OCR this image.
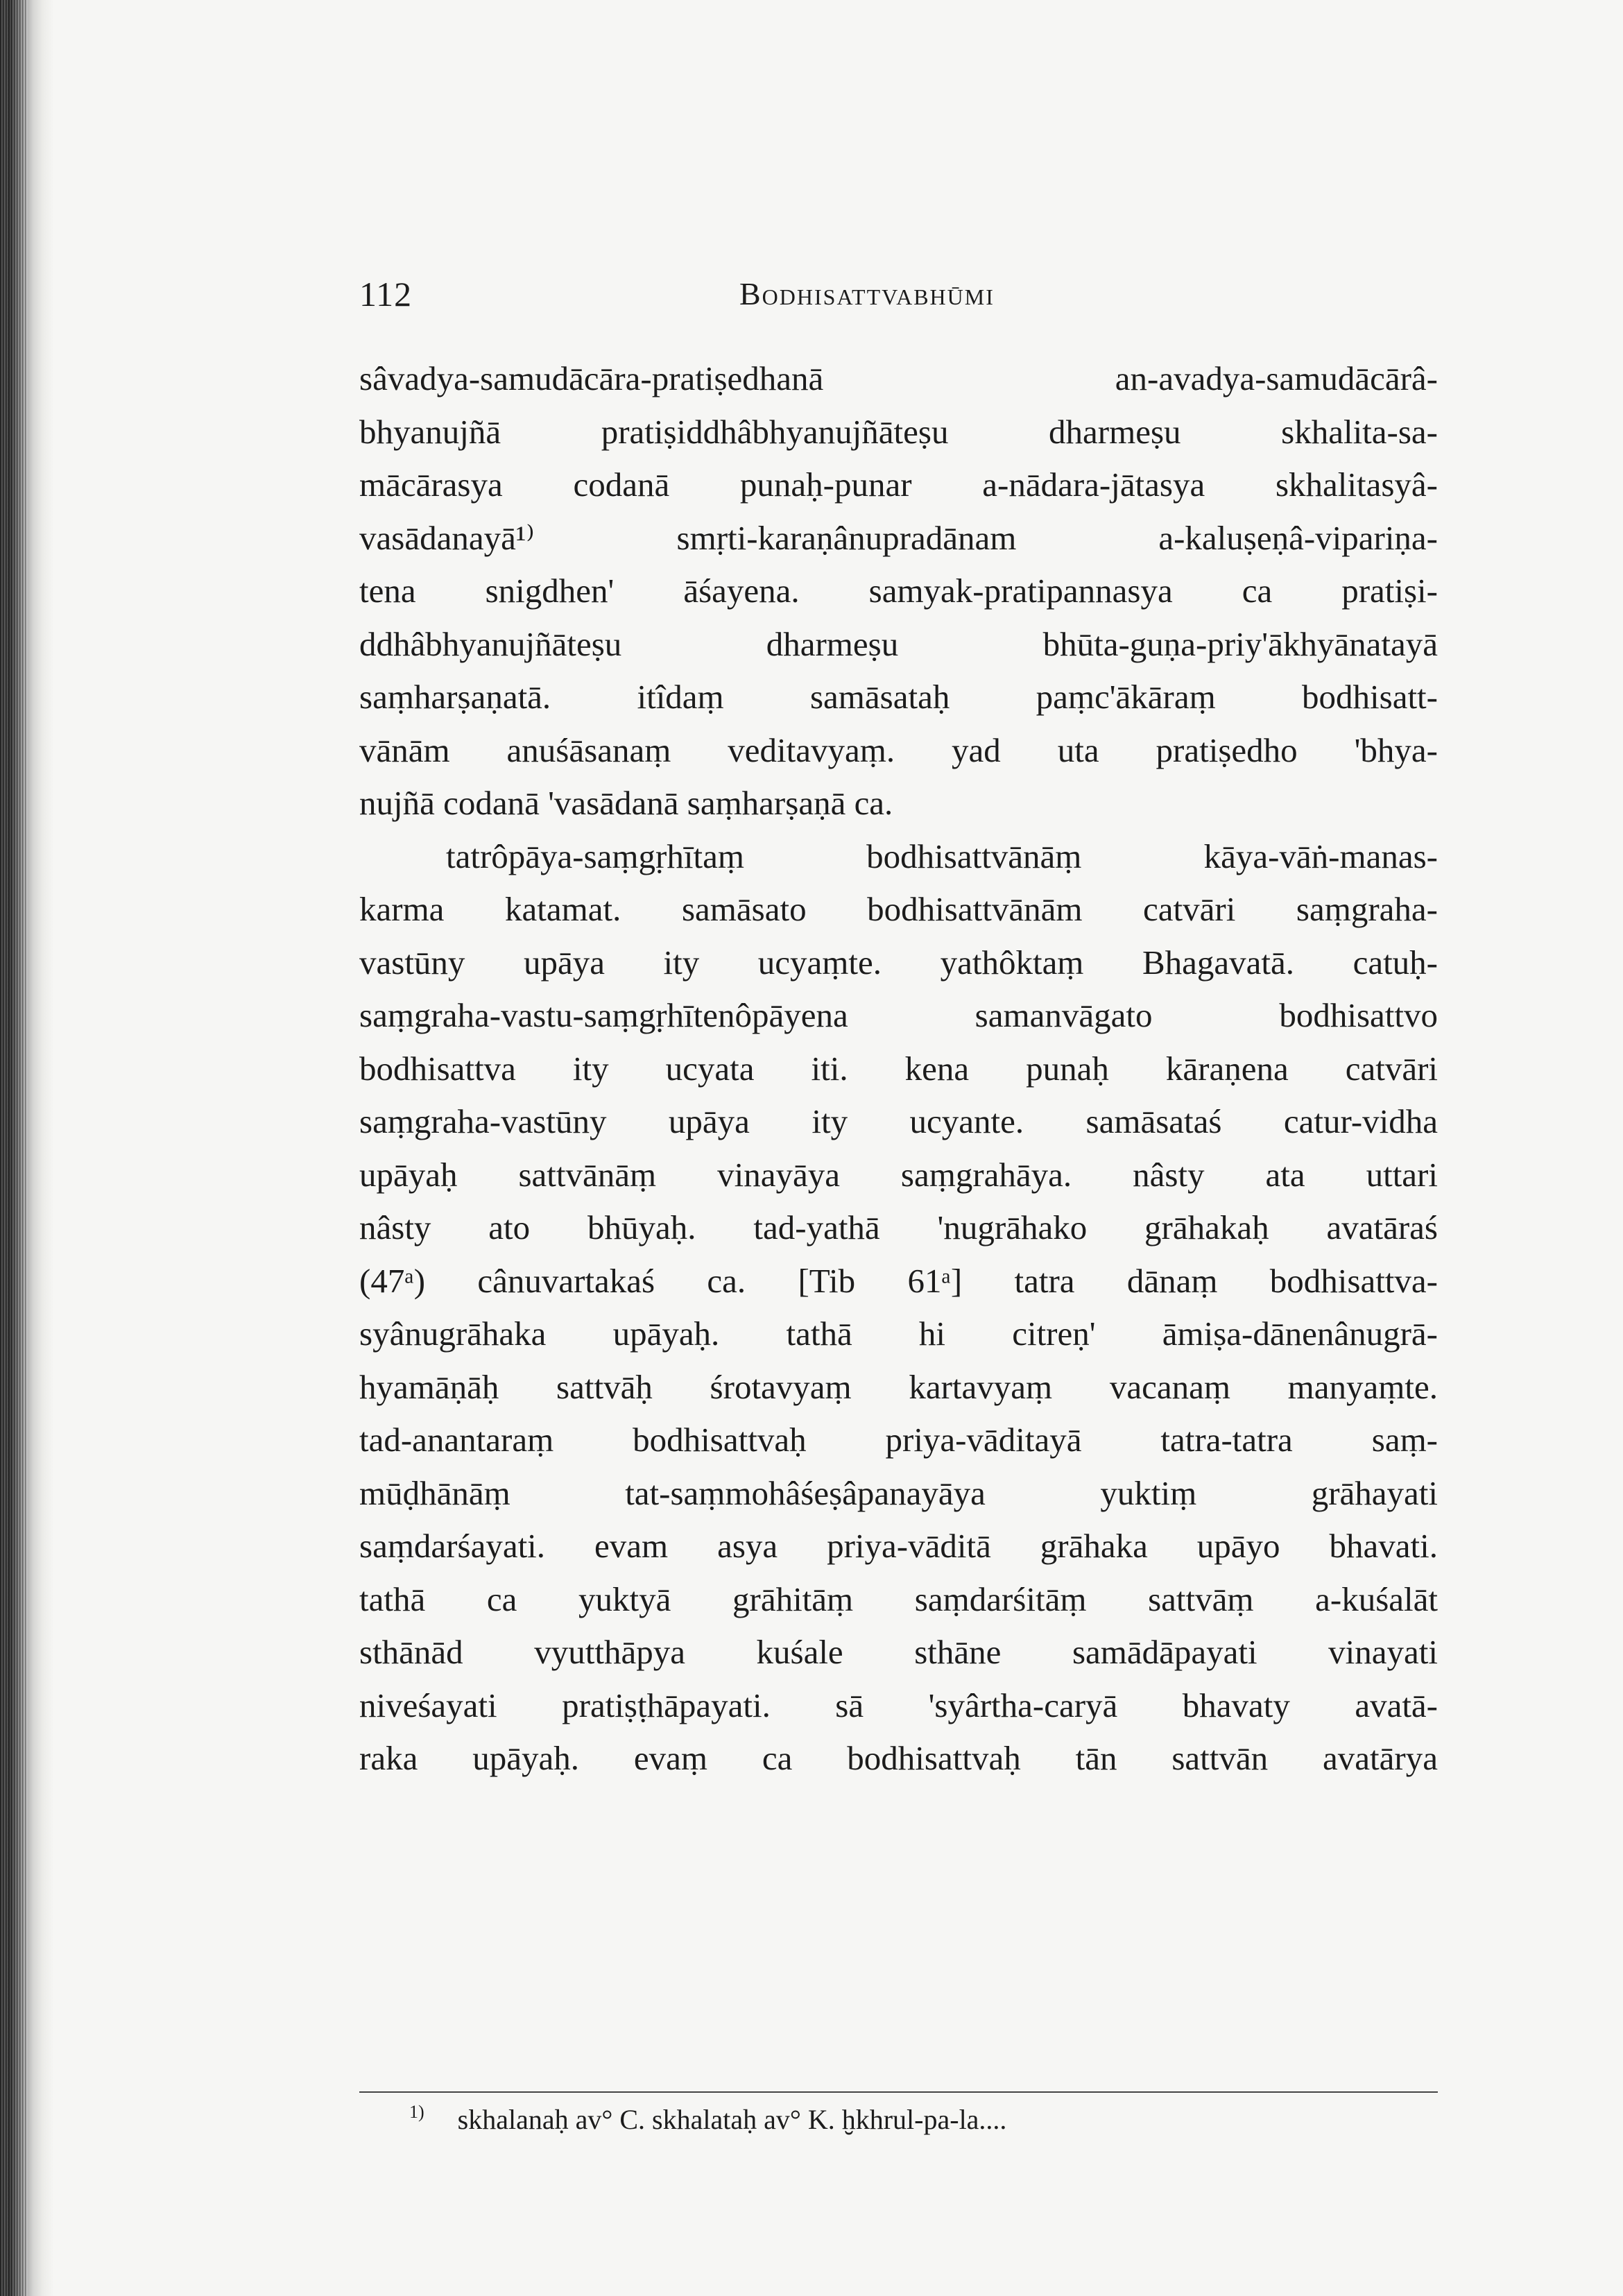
112	Bodhisattvabhūmi
sâvadya-samudācāra-pratiṣedhanā an-avadya-samudācārâ-
bhyanujñā pratiṣiddhâbhyanujñāteṣu dharmeṣu skhalita-sa-
mācārasya codanā punaḥ-punar a-nādara-jātasya skhalitasyâ-
vasādanayā¹⁾ smṛti-karaṇânupradānam a-kaluṣeṇâ-vipariṇa-
tena snigdhen' āśayena. samyak-pratipannasya ca pratiṣi-
ddhâbhyanujñāteṣu dharmeṣu bhūta-guṇa-priy'ākhyānatayā
saṃharṣaṇatā. itîdaṃ samāsataḥ paṃc'ākāraṃ bodhisatt-
vānām anuśāsanaṃ veditavyaṃ. yad uta pratiṣedho 'bhya-
nujñā codanā 'vasādanā saṃharṣaṇā ca.
tatrôpāya-saṃgṛhītaṃ bodhisattvānāṃ kāya-vāṅ-manas-
karma katamat. samāsato bodhisattvānām catvāri saṃgraha-
vastūny upāya ity ucyaṃte. yathôktaṃ Bhagavatā. catuḥ-
saṃgraha-vastu-saṃgṛhītenôpāyena samanvāgato bodhisattvo
bodhisattva ity ucyata iti. kena punaḥ kāraṇena catvāri
saṃgraha-vastūny upāya ity ucyante. samāsataś catur-vidha
upāyaḥ sattvānāṃ vinayāya saṃgrahāya. nâsty ata uttari
nâsty ato bhūyaḥ. tad-yathā 'nugrāhako grāhakaḥ avatāraś
(47ᵃ) cânuvartakaś ca. [Tib 61ᵃ] tatra dānaṃ bodhisattva-
syânugrāhaka upāyaḥ. tathā hi citreṇ' āmiṣa-dānenânugrā-
hyamāṇāḥ sattvāḥ śrotavyaṃ kartavyaṃ vacanaṃ manyaṃte.
tad-anantaraṃ bodhisattvaḥ priya-vāditayā tatra-tatra saṃ-
mūḍhānāṃ tat-saṃmohâśeṣâpanayāya yuktiṃ grāhayati
saṃdarśayati. evam asya priya-vāditā grāhaka upāyo bhavati.
tathā ca yuktyā grāhitāṃ saṃdarśitāṃ sattvāṃ a-kuśalāt
sthānād vyutthāpya kuśale sthāne samādāpayati vinayati
niveśayati pratiṣṭhāpayati. sā 'syârtha-caryā bhavaty avatā-
raka upāyaḥ. evaṃ ca bodhisattvaḥ tān sattvān avatārya
$^{1)}$ skhalanaḥ av° C. skhalataḥ av° K. ḫkhrul-pa-la....
